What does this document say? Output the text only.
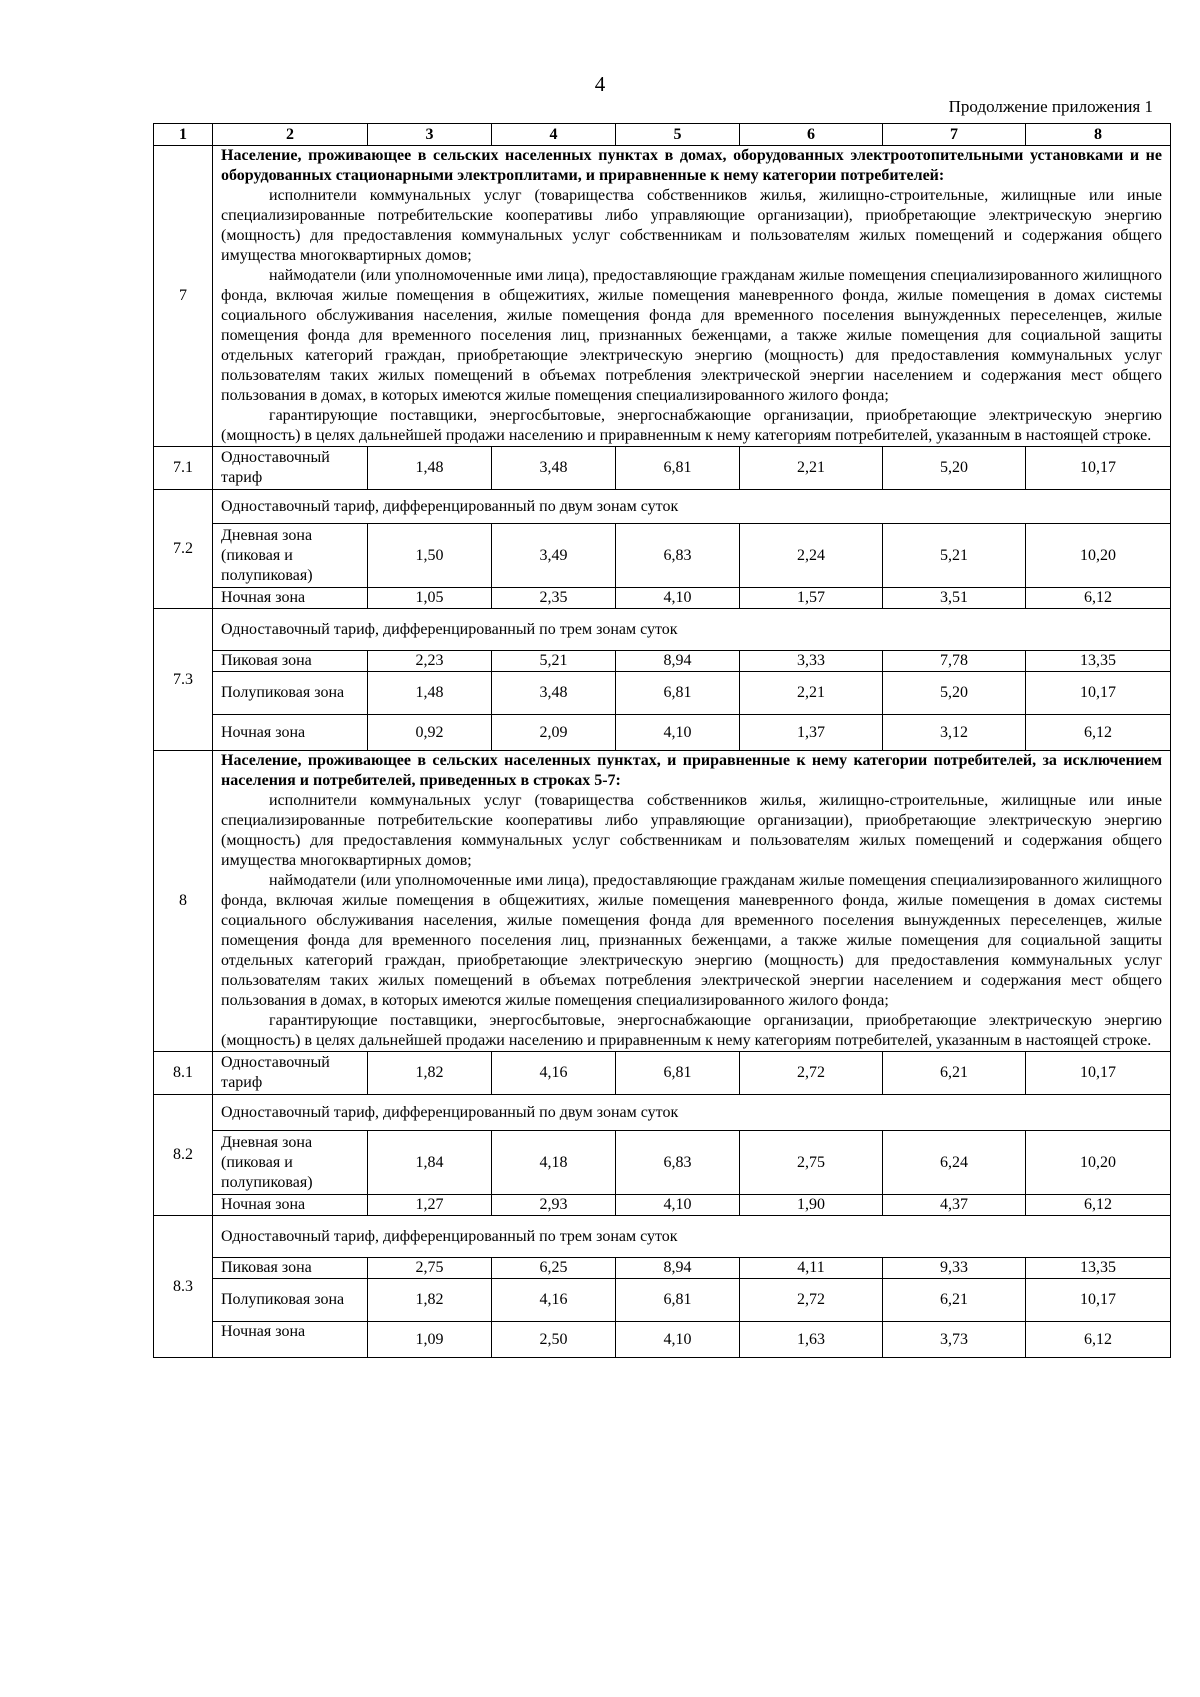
4
Продолжение приложения 1
1	2	3	4	5	6	7	8
7	Население, проживающее в сельских населенных пунктах в домах, оборудованных электроотопительными установками и не оборудованных стационарными электроплитами, и приравненные к нему категории потребителей:

исполнители коммунальных услуг (товарищества собственников жилья, жилищно-строительные, жилищные или иные специализированные потребительские кооперативы либо управляющие организации), приобретающие электрическую энергию (мощность) для предоставления коммунальных услуг собственникам и пользователям жилых помещений и содержания общего имущества многоквартирных домов;

наймодатели (или уполномоченные ими лица), предоставляющие гражданам жилые помещения специализированного жилищного фонда, включая жилые помещения в общежитиях, жилые помещения маневренного фонда, жилые помещения в домах системы социального обслуживания населения, жилые помещения фонда для временного поселения вынужденных переселенцев, жилые помещения фонда для временного поселения лиц, признанных беженцами, а также жилые помещения для социальной защиты отдельных категорий граждан, приобретающие электрическую энергию (мощность) для предоставления коммунальных услуг пользователям таких жилых помещений в объемах потребления электрической энергии населением и содержания мест общего пользования в домах, в которых имеются жилые помещения специализированного жилого фонда;

гарантирующие поставщики, энергосбытовые, энергоснабжающие организации, приобретающие электрическую энергию (мощность) в целях дальнейшей продажи населению и приравненным к нему категориям потребителей, указанным в настоящей строке.						

7.1	Одноставочный тариф	1,48	3,48	6,81	2,21	5,20	10,17
7.2	Одноставочный тариф, дифференцированный по двум зонам суток						
	Дневная зона (пиковая и полупиковая)	1,50	3,49	6,83	2,24	5,21	10,20
	Ночная зона	1,05	2,35	4,10	1,57	3,51	6,12
7.3	Одноставочный тариф, дифференцированный по трем зонам суток						
	Пиковая зона	2,23	5,21	8,94	3,33	7,78	13,35
	Полупиковая зона	1,48	3,48	6,81	2,21	5,20	10,17
	Ночная зона	0,92	2,09	4,10	1,37	3,12	6,12
8	Население, проживающее в сельских населенных пунктах, и приравненные к нему категории потребителей, за исключением населения и потребителей, приведенных в строках 5-7:

исполнители коммунальных услуг (товарищества собственников жилья, жилищно-строительные, жилищные или иные специализированные потребительские кооперативы либо управляющие организации), приобретающие электрическую энергию (мощность) для предоставления коммунальных услуг собственникам и пользователям жилых помещений и содержания общего имущества многоквартирных домов;

наймодатели (или уполномоченные ими лица), предоставляющие гражданам жилые помещения специализированного жилищного фонда, включая жилые помещения в общежитиях, жилые помещения маневренного фонда, жилые помещения в домах системы социального обслуживания населения, жилые помещения фонда для временного поселения вынужденных переселенцев, жилые помещения фонда для временного поселения лиц, признанных беженцами, а также жилые помещения для социальной защиты отдельных категорий граждан, приобретающие электрическую энергию (мощность) для предоставления коммунальных услуг пользователям таких жилых помещений в объемах потребления электрической энергии населением и содержания мест общего пользования в домах, в которых имеются жилые помещения специализированного жилого фонда;

гарантирующие поставщики, энергосбытовые, энергоснабжающие организации, приобретающие электрическую энергию (мощность) в целях дальнейшей продажи населению и приравненным к нему категориям потребителей, указанным в настоящей строке.						

8.1	Одноставочный тариф	1,82	4,16	6,81	2,72	6,21	10,17
8.2	Одноставочный тариф, дифференцированный по двум зонам суток						
	Дневная зона (пиковая и полупиковая)	1,84	4,18	6,83	2,75	6,24	10,20
	Ночная зона	1,27	2,93	4,10	1,90	4,37	6,12
8.3	Одноставочный тариф, дифференцированный по трем зонам суток						
	Пиковая зона	2,75	6,25	8,94	4,11	9,33	13,35
	Полупиковая зона	1,82	4,16	6,81	2,72	6,21	10,17
	Ночная зона	1,09	2,50	4,10	1,63	3,73	6,12
